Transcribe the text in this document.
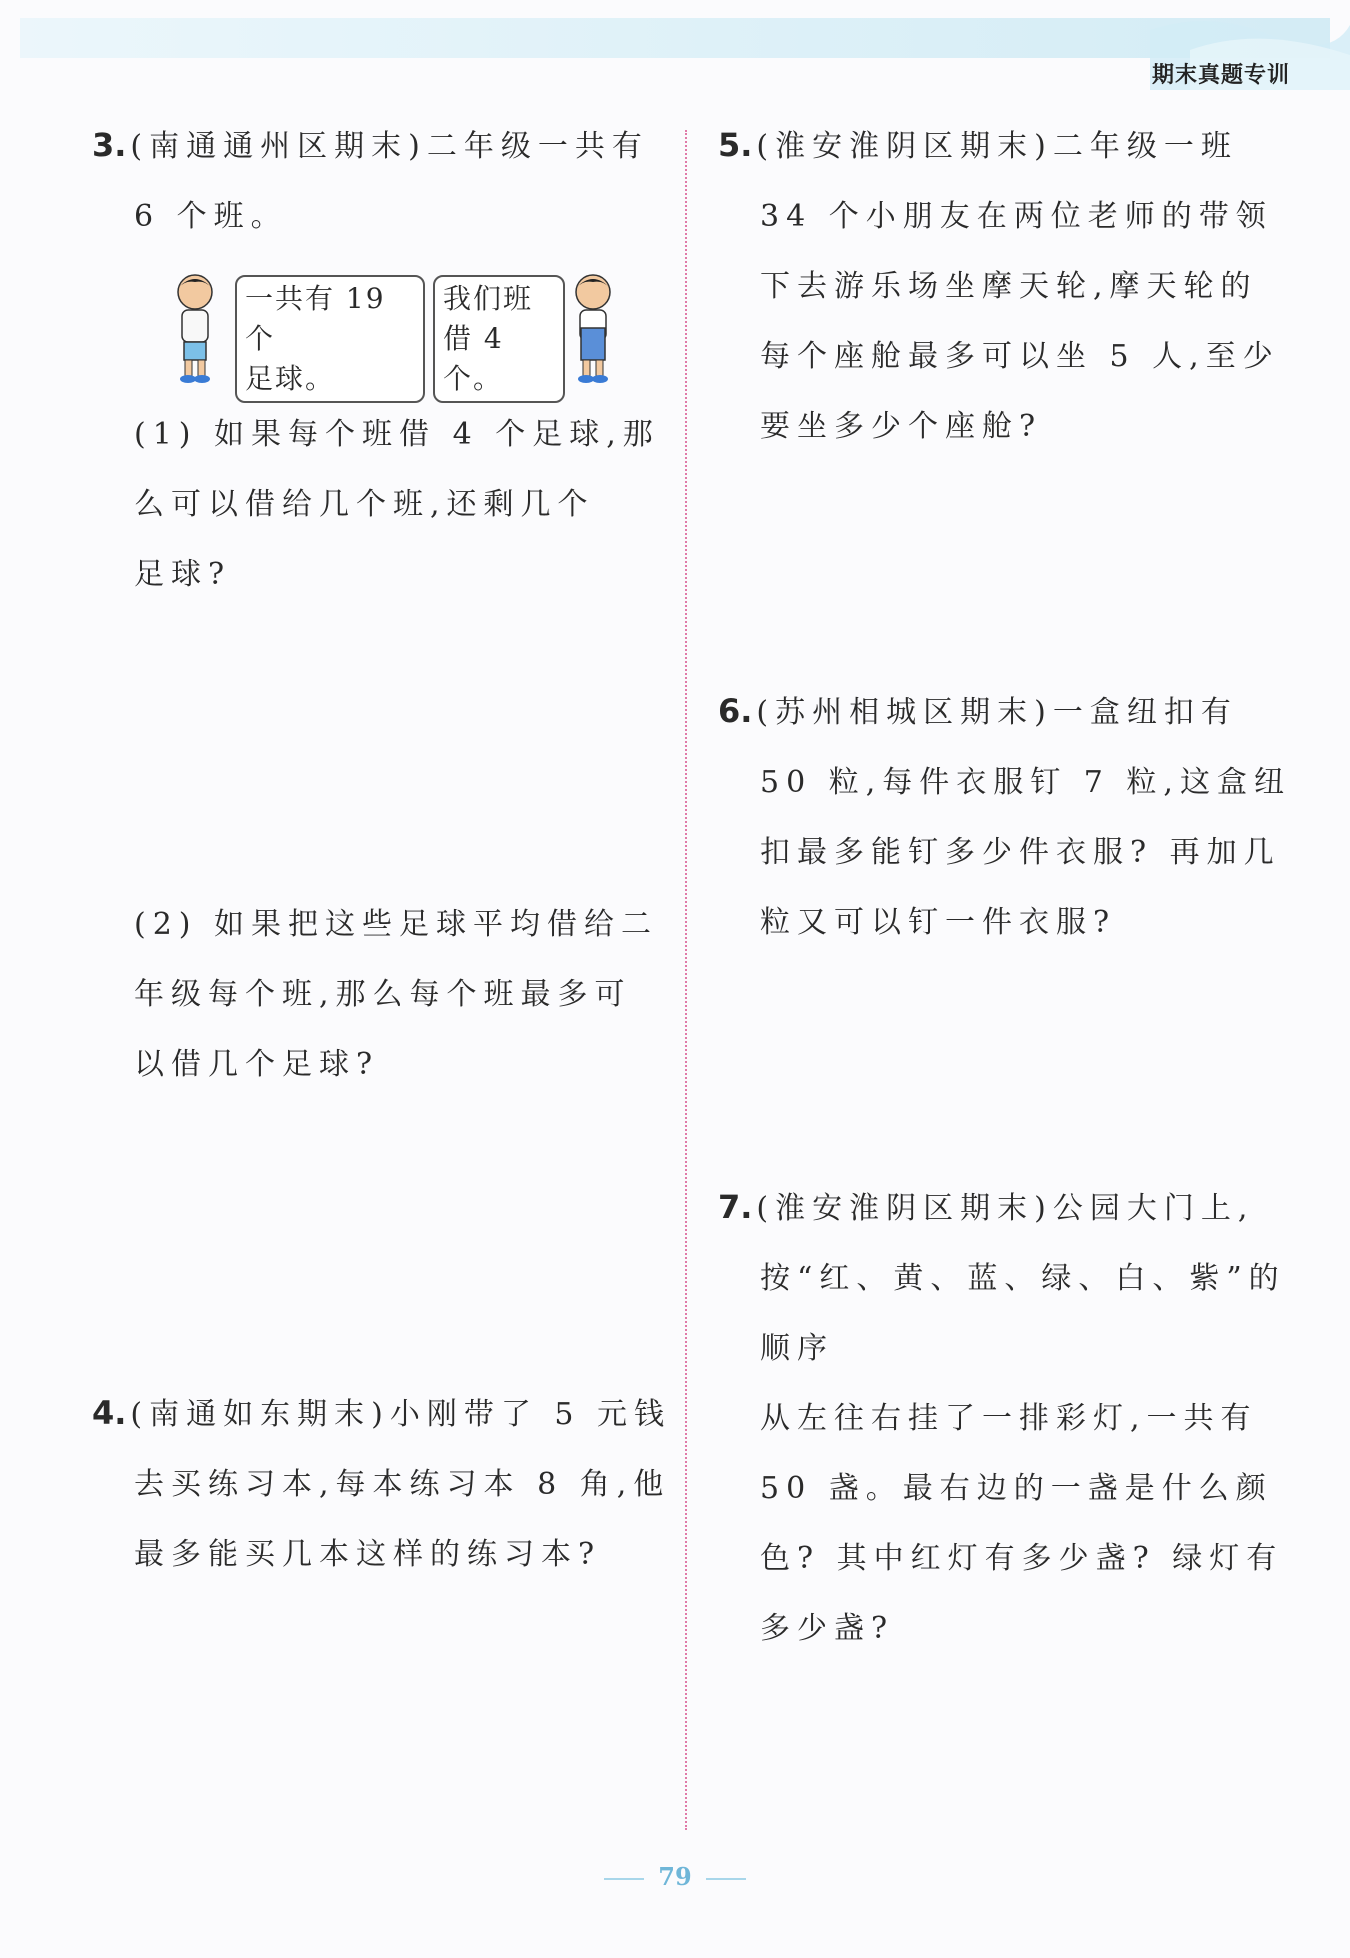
期末真题专训
3. (南通通州区期末)二年级一共有
6 个班。
一共有 19 个
足球。
我们班
借 4 个。
(1) 如果每个班借 4 个足球,那
么可以借给几个班,还剩几个
足球?
(2) 如果把这些足球平均借给二
年级每个班,那么每个班最多可
以借几个足球?
4. (南通如东期末)小刚带了 5 元钱
去买练习本,每本练习本 8 角,他
最多能买几本这样的练习本?
5. (淮安淮阴区期末)二年级一班
34 个小朋友在两位老师的带领
下去游乐场坐摩天轮,摩天轮的
每个座舱最多可以坐 5 人,至少
要坐多少个座舱?
6. (苏州相城区期末)一盒纽扣有
50 粒,每件衣服钉 7 粒,这盒纽
扣最多能钉多少件衣服? 再加几
粒又可以钉一件衣服?
7. (淮安淮阴区期末)公园大门上,
按“红、黄、蓝、绿、白、紫”的顺序
从左往右挂了一排彩灯,一共有
50 盏。最右边的一盏是什么颜
色? 其中红灯有多少盏? 绿灯有
多少盏?
79
